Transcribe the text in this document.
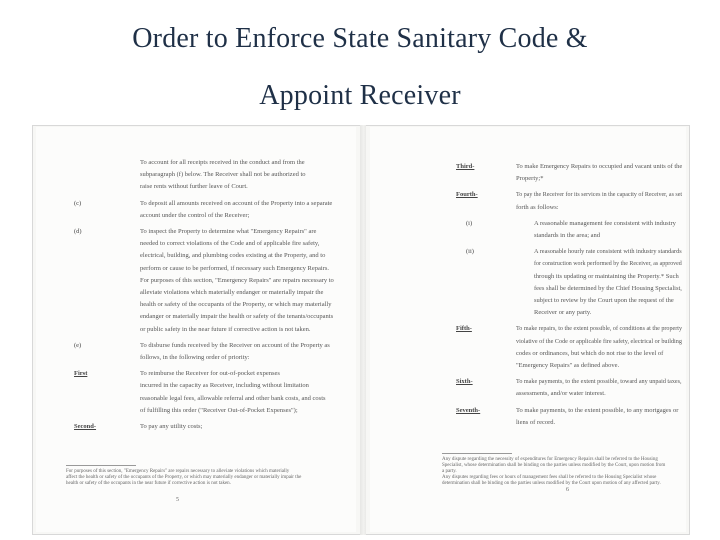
Order to Enforce State Sanitary Code &
Appoint Receiver
To account for all receipts received in the conduct and from the
subparagraph (f) below. The Receiver shall not be authorized to
raise rents without further leave of Court.
(c)	To deposit all amounts received on account of the Property into a separate
account under the control of the Receiver;
(d)	To inspect the Property to determine what "Emergency Repairs" are
needed to correct violations of the Code and of applicable fire safety,
electrical, building, and plumbing codes existing at the Property, and to
perform or cause to be performed, if necessary such Emergency Repairs.
For purposes of this section, "Emergency Repairs" are repairs necessary to
alleviate violations which materially endanger or materially impair the
health or safety of the occupants of the Property, or which may materially
endanger or materially impair the health or safety of the tenants/occupants
or public safety in the near future if corrective action is not taken.
(e)	To disburse funds received by the Receiver on account of the Property as
follows, in the following order of priority:
First	To reimburse the Receiver for out-of-pocket expenses
incurred in the capacity as Receiver, including without limitation
reasonable legal fees, allowable referral and other bank costs, and costs
of fulfilling this order ("Receiver Out-of-Pocket Expenses");
Second-	To pay any utility costs;
For purposes of this section, "Emergency Repairs" are repairs necessary to alleviate violations which materially
affect the health or safety of the occupants of the Property, or which may materially endanger or materially impair the
health or safety of the occupants in the near future if corrective action is not taken.
5
Third-	To make Emergency Repairs to occupied and vacant units of the
Property;*
Fourth-	To pay the Receiver for its services in the capacity of Receiver, as set
forth as follows:
(i)	A reasonable management fee consistent with industry
standards in the area; and
(ii)	A reasonable hourly rate consistent with industry standards
for construction work performed by the Receiver, as approved
through its updating or maintaining the Property.* Such
fees shall be determined by the Chief Housing Specialist,
subject to review by the Court upon the request of the
Receiver or any party.
Fifth-	To make repairs, to the extent possible, of conditions at the property
violative of the Code or applicable fire safety, electrical or building
codes or ordinances, but which do not rise to the level of
"Emergency Repairs" as defined above.
Sixth-	To make payments, to the extent possible, toward any unpaid taxes,
assessments, and/or water interest.
Seventh-	To make payments, to the extent possible, to any mortgages or
liens of record.
Any dispute regarding the necessity of expenditures for Emergency Repairs shall be referred to the Housing
Specialist, whose determination shall be binding on the parties unless modified by the Court, upon motion from
a party.
Any disputes regarding fees or hours of management fees shall be referred to the Housing Specialist whose
determination shall be binding on the parties unless modified by the Court upon motion of any affected party.
6
